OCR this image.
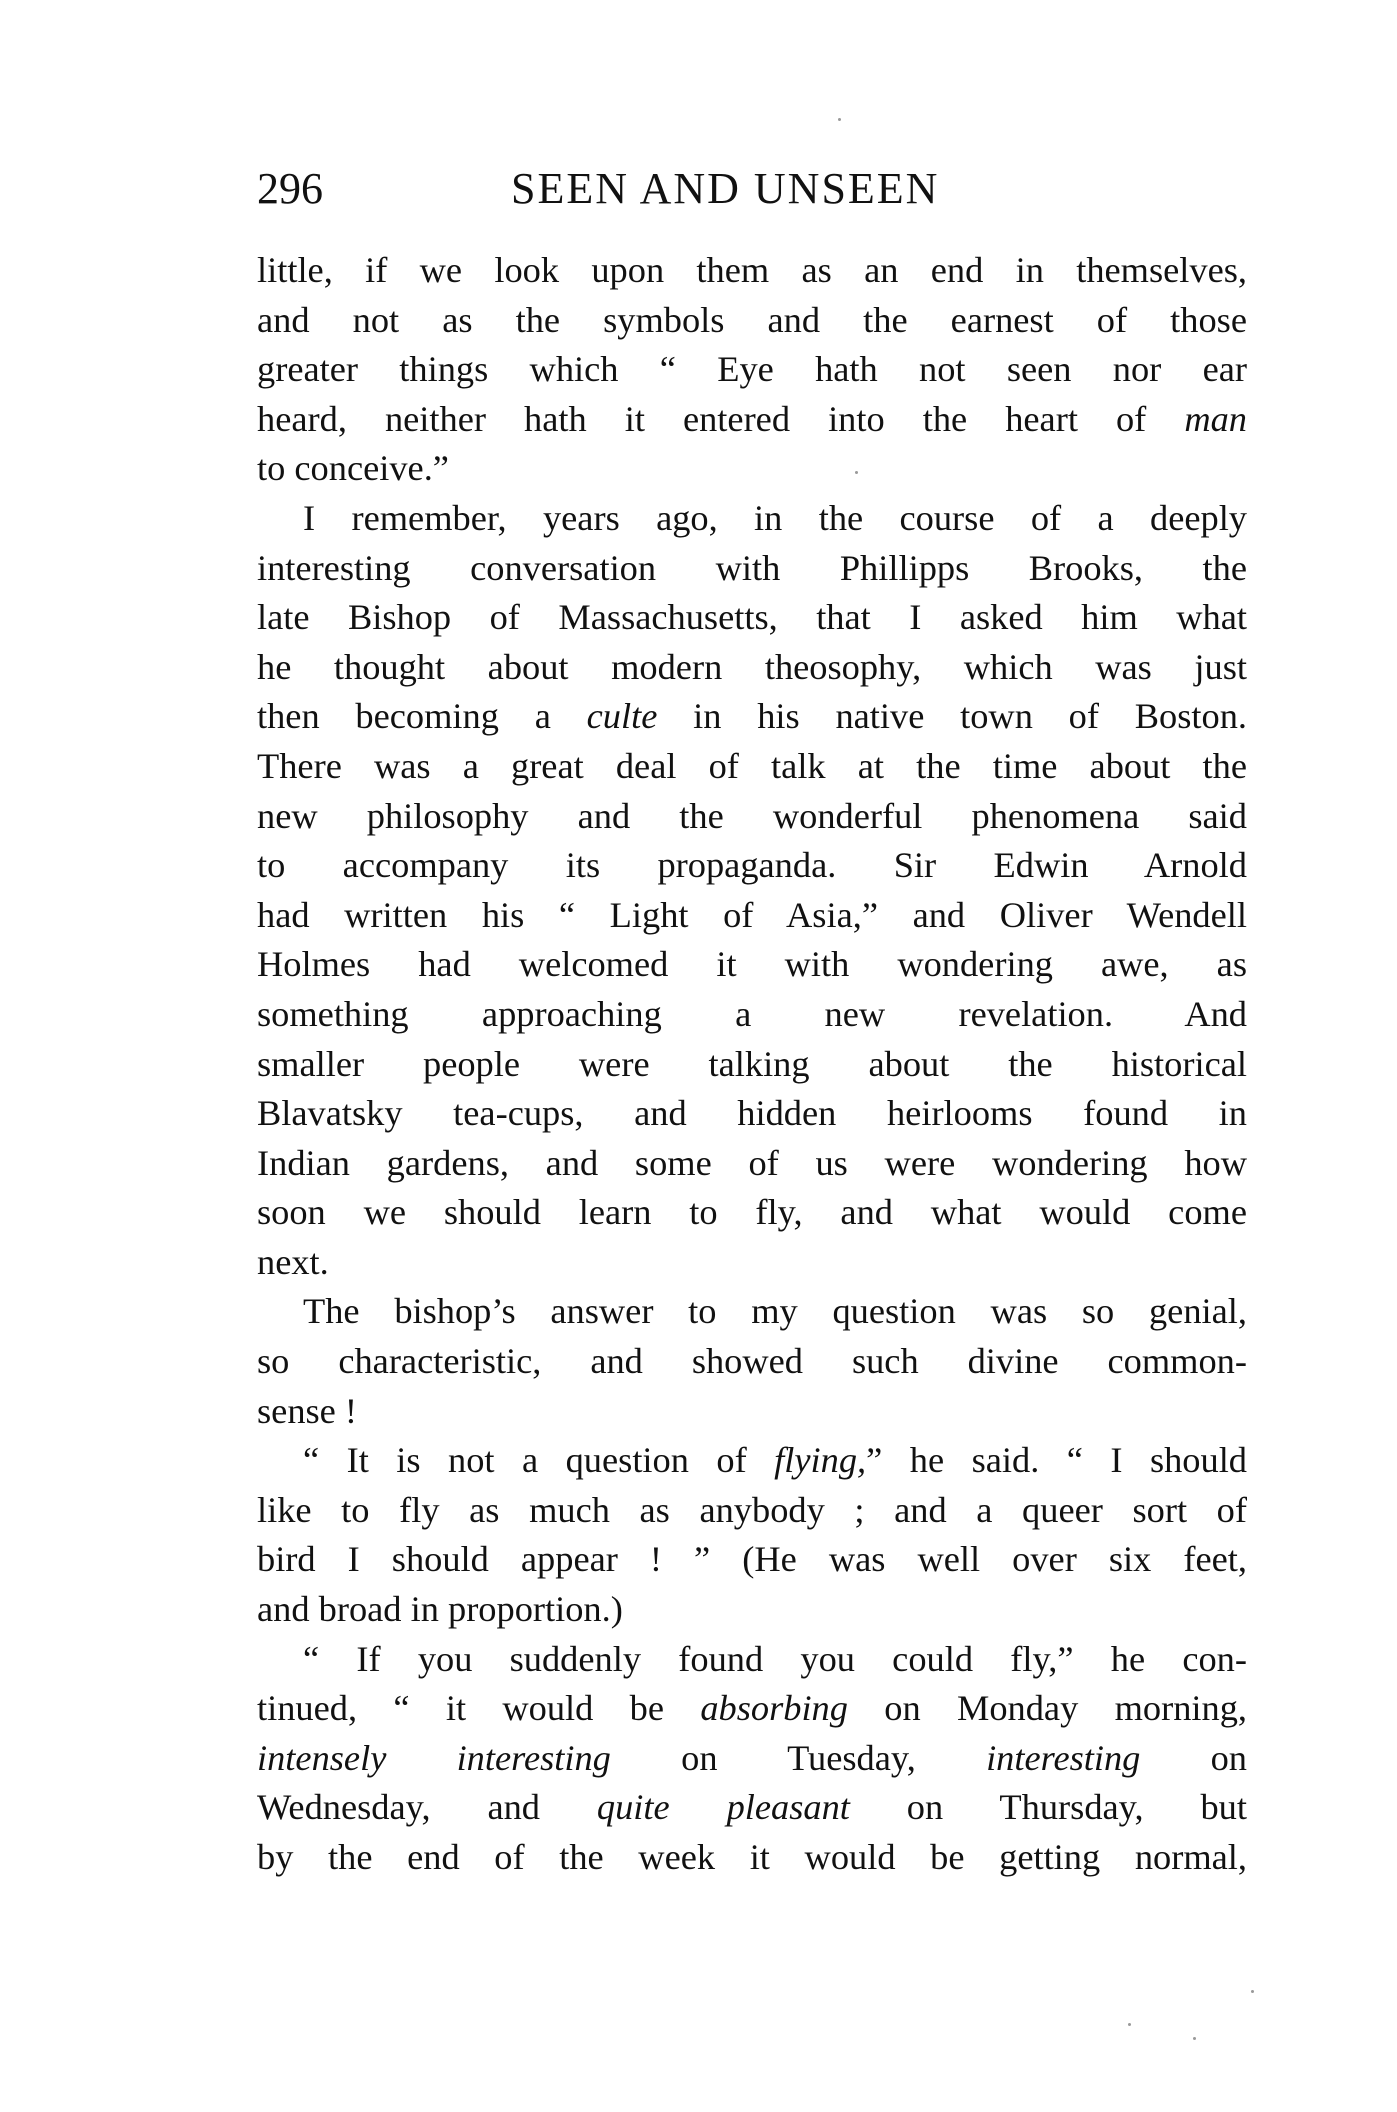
296	SEEN AND UNSEEN
little, if we look upon them as an end in themselves,
and not as the symbols and the earnest of those
greater things which “ Eye hath not seen nor ear
heard, neither hath it entered into the heart of man
to conceive.”
I remember, years ago, in the course of a deeply
interesting conversation with Phillipps Brooks, the
late Bishop of Massachusetts, that I asked him what
he thought about modern theosophy, which was just
then becoming a culte in his native town of Boston.
There was a great deal of talk at the time about the
new philosophy and the wonderful phenomena said
to accompany its propaganda. Sir Edwin Arnold
had written his “ Light of Asia,” and Oliver Wendell
Holmes had welcomed it with wondering awe, as
something approaching a new revelation. And
smaller people were talking about the historical
Blavatsky tea-cups, and hidden heirlooms found in
Indian gardens, and some of us were wondering how
soon we should learn to fly, and what would come
next.
The bishop’s answer to my question was so genial,
so characteristic, and showed such divine common-
sense !
“ It is not a question of flying,” he said. “ I should
like to fly as much as anybody ; and a queer sort of
bird I should appear ! ” (He was well over six feet,
and broad in proportion.)
“ If you suddenly found you could fly,” he con-
tinued, “ it would be absorbing on Monday morning,
intensely interesting on Tuesday, interesting on
Wednesday, and quite pleasant on Thursday, but
by the end of the week it would be getting normal,
